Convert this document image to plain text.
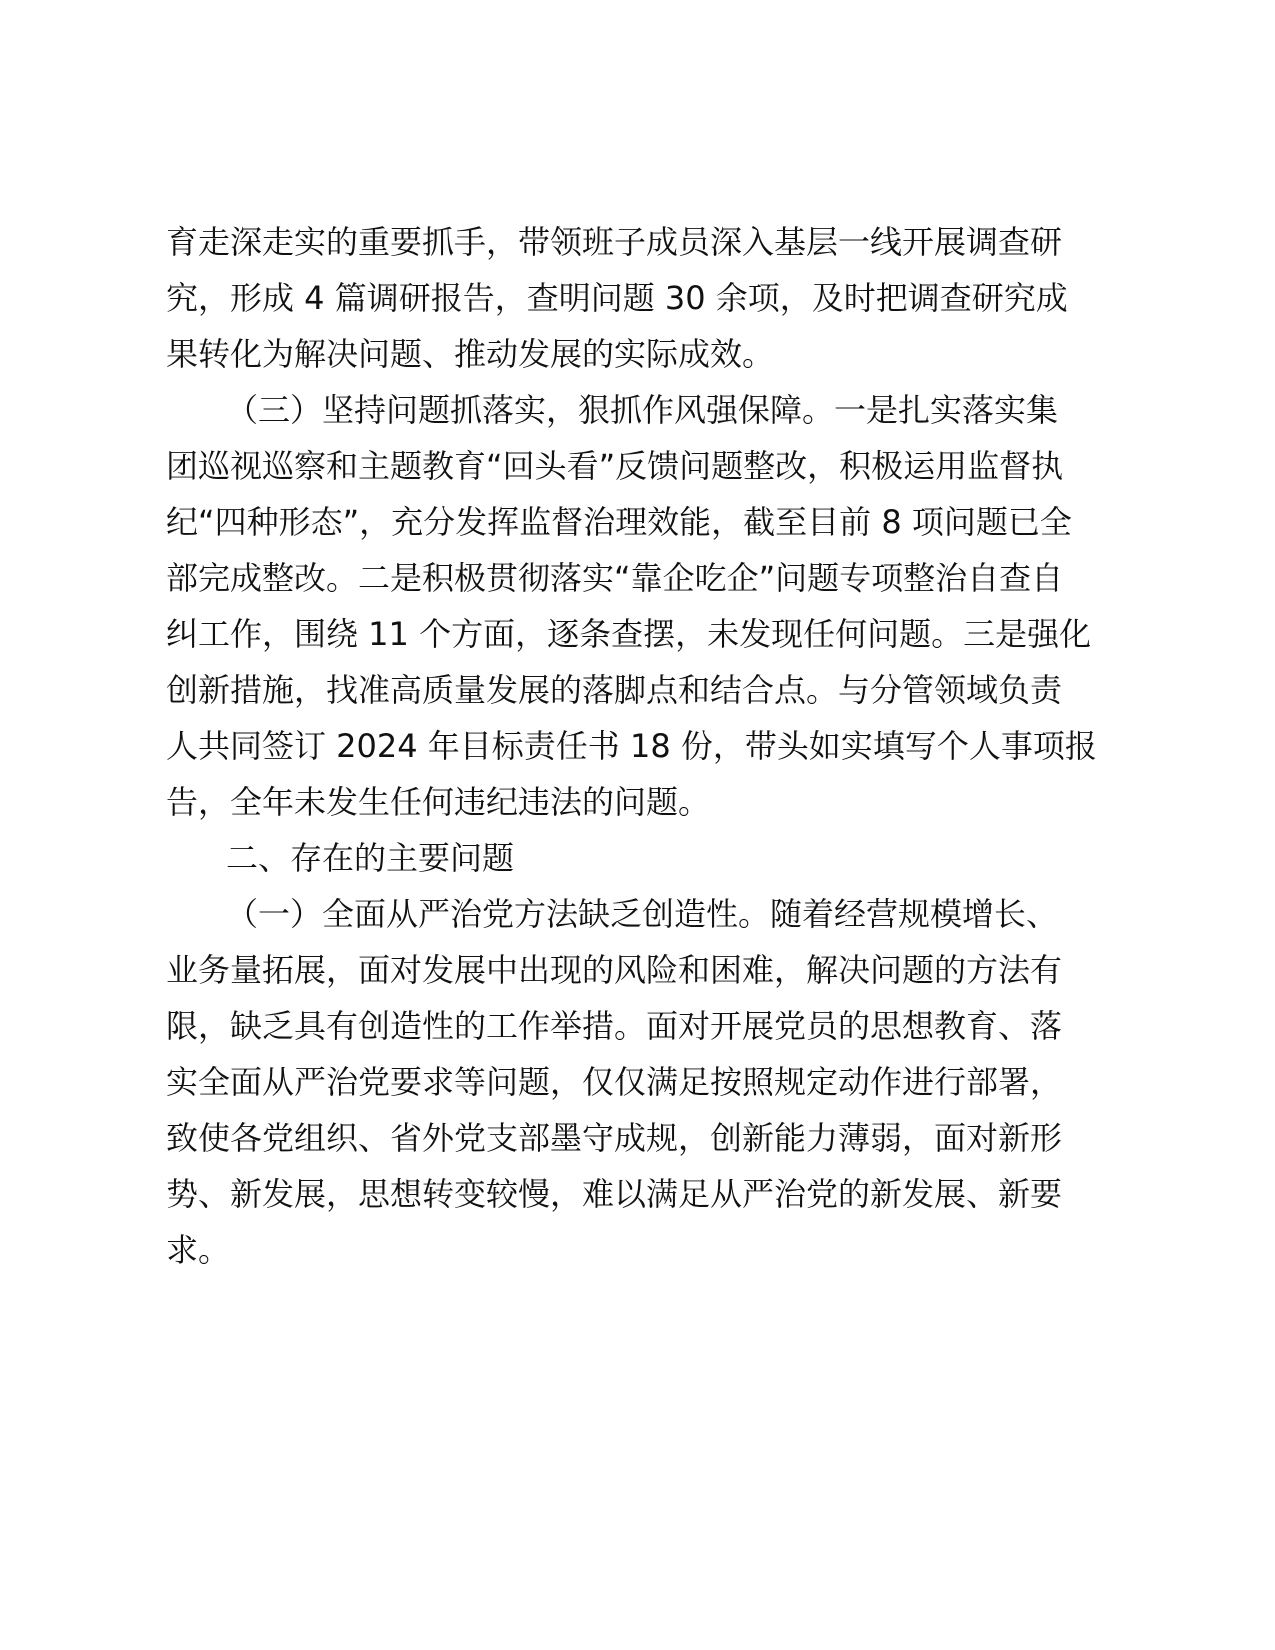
育走深走实的重要抓手，带领班子成员深入基层一线开展调查研

究，形成 4 篇调研报告，查明问题 30 余项，及时把调查研究成

果转化为解决问题、推动发展的实际成效。

（三）坚持问题抓落实，狠抓作风强保障。一是扎实落实集

团巡视巡察和主题教育“回头看”反馈问题整改，积极运用监督执

纪“四种形态”，充分发挥监督治理效能，截至目前 8 项问题已全

部完成整改。二是积极贯彻落实“靠企吃企”问题专项整治自查自

纠工作，围绕 11 个方面，逐条查摆，未发现任何问题。三是强化

创新措施，找准高质量发展的落脚点和结合点。与分管领域负责

人共同签订 2024 年目标责任书 18 份，带头如实填写个人事项报

告，全年未发生任何违纪违法的问题。

二、存在的主要问题

（一）全面从严治党方法缺乏创造性。随着经营规模增长、

业务量拓展，面对发展中出现的风险和困难，解决问题的方法有

限，缺乏具有创造性的工作举措。面对开展党员的思想教育、落

实全面从严治党要求等问题，仅仅满足按照规定动作进行部署，

致使各党组织、省外党支部墨守成规，创新能力薄弱，面对新形

势、新发展，思想转变较慢，难以满足从严治党的新发展、新要

求。
